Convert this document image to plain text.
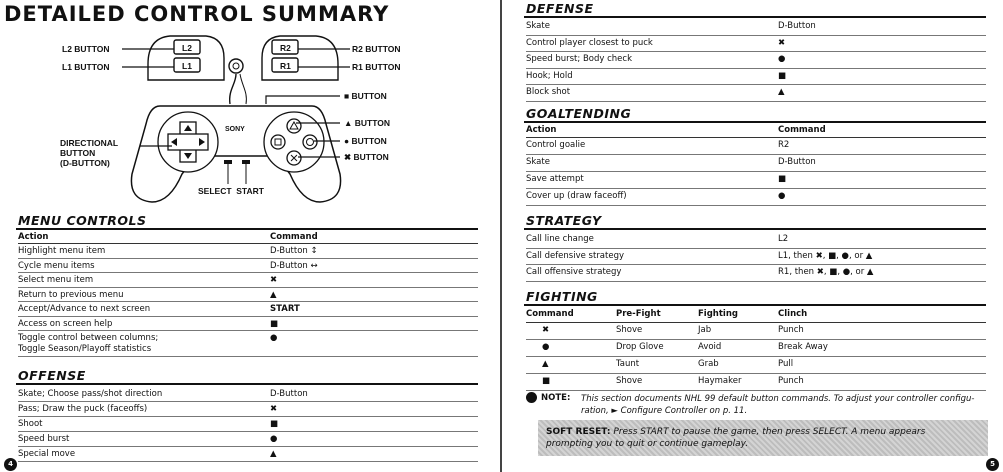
DETAILED CONTROL SUMMARY
L2
L1
R2
R1
SONY
L2 BUTTON
L1 BUTTON
R2 BUTTON
R1 BUTTON
■ BUTTON
▲ BUTTON
● BUTTON
✖ BUTTON
DIRECTIONAL
BUTTON
(D-BUTTON)
SELECT  START
MENU CONTROLS
Action	Command
Highlight menu item	D-Button ↕
Cycle menu items	D-Button ↔
Select menu item	✖
Return to previous menu	▲
Accept/Advance to next screen	START
Access on screen help	■
Toggle control between columns;	●
Toggle Season/Playoff statistics
OFFENSE
Skate; Choose pass/shot direction	D-Button
Pass; Draw the puck (faceoffs)	✖
Shoot	■
Speed burst	●
Special move	▲
4
DEFENSE
Skate	D-Button
Control player closest to puck	✖
Speed burst; Body check	●
Hook; Hold	■
Block shot	▲
GOALTENDING
Action	Command
Control goalie	R2
Skate	D-Button
Save attempt	■
Cover up (draw faceoff)	●
STRATEGY
Call line change	L2
Call defensive strategy	L1, then ✖, ■, ●, or ▲
Call offensive strategy	R1, then ✖, ■, ●, or ▲
FIGHTING
Command	Pre-Fight	Fighting	Clinch
✖	Shove	Jab	Punch
●	Drop Glove	Avoid	Break Away
▲	Taunt	Grab	Pull
■	Shove	Haymaker	Punch
NOTE: This section documents NHL 99 default button commands. To adjust your controller configu- ration, ► Configure Controller on p. 11.
SOFT RESET: Press START to pause the game, then press SELECT. A menu appears prompting you to quit or continue gameplay.
5
